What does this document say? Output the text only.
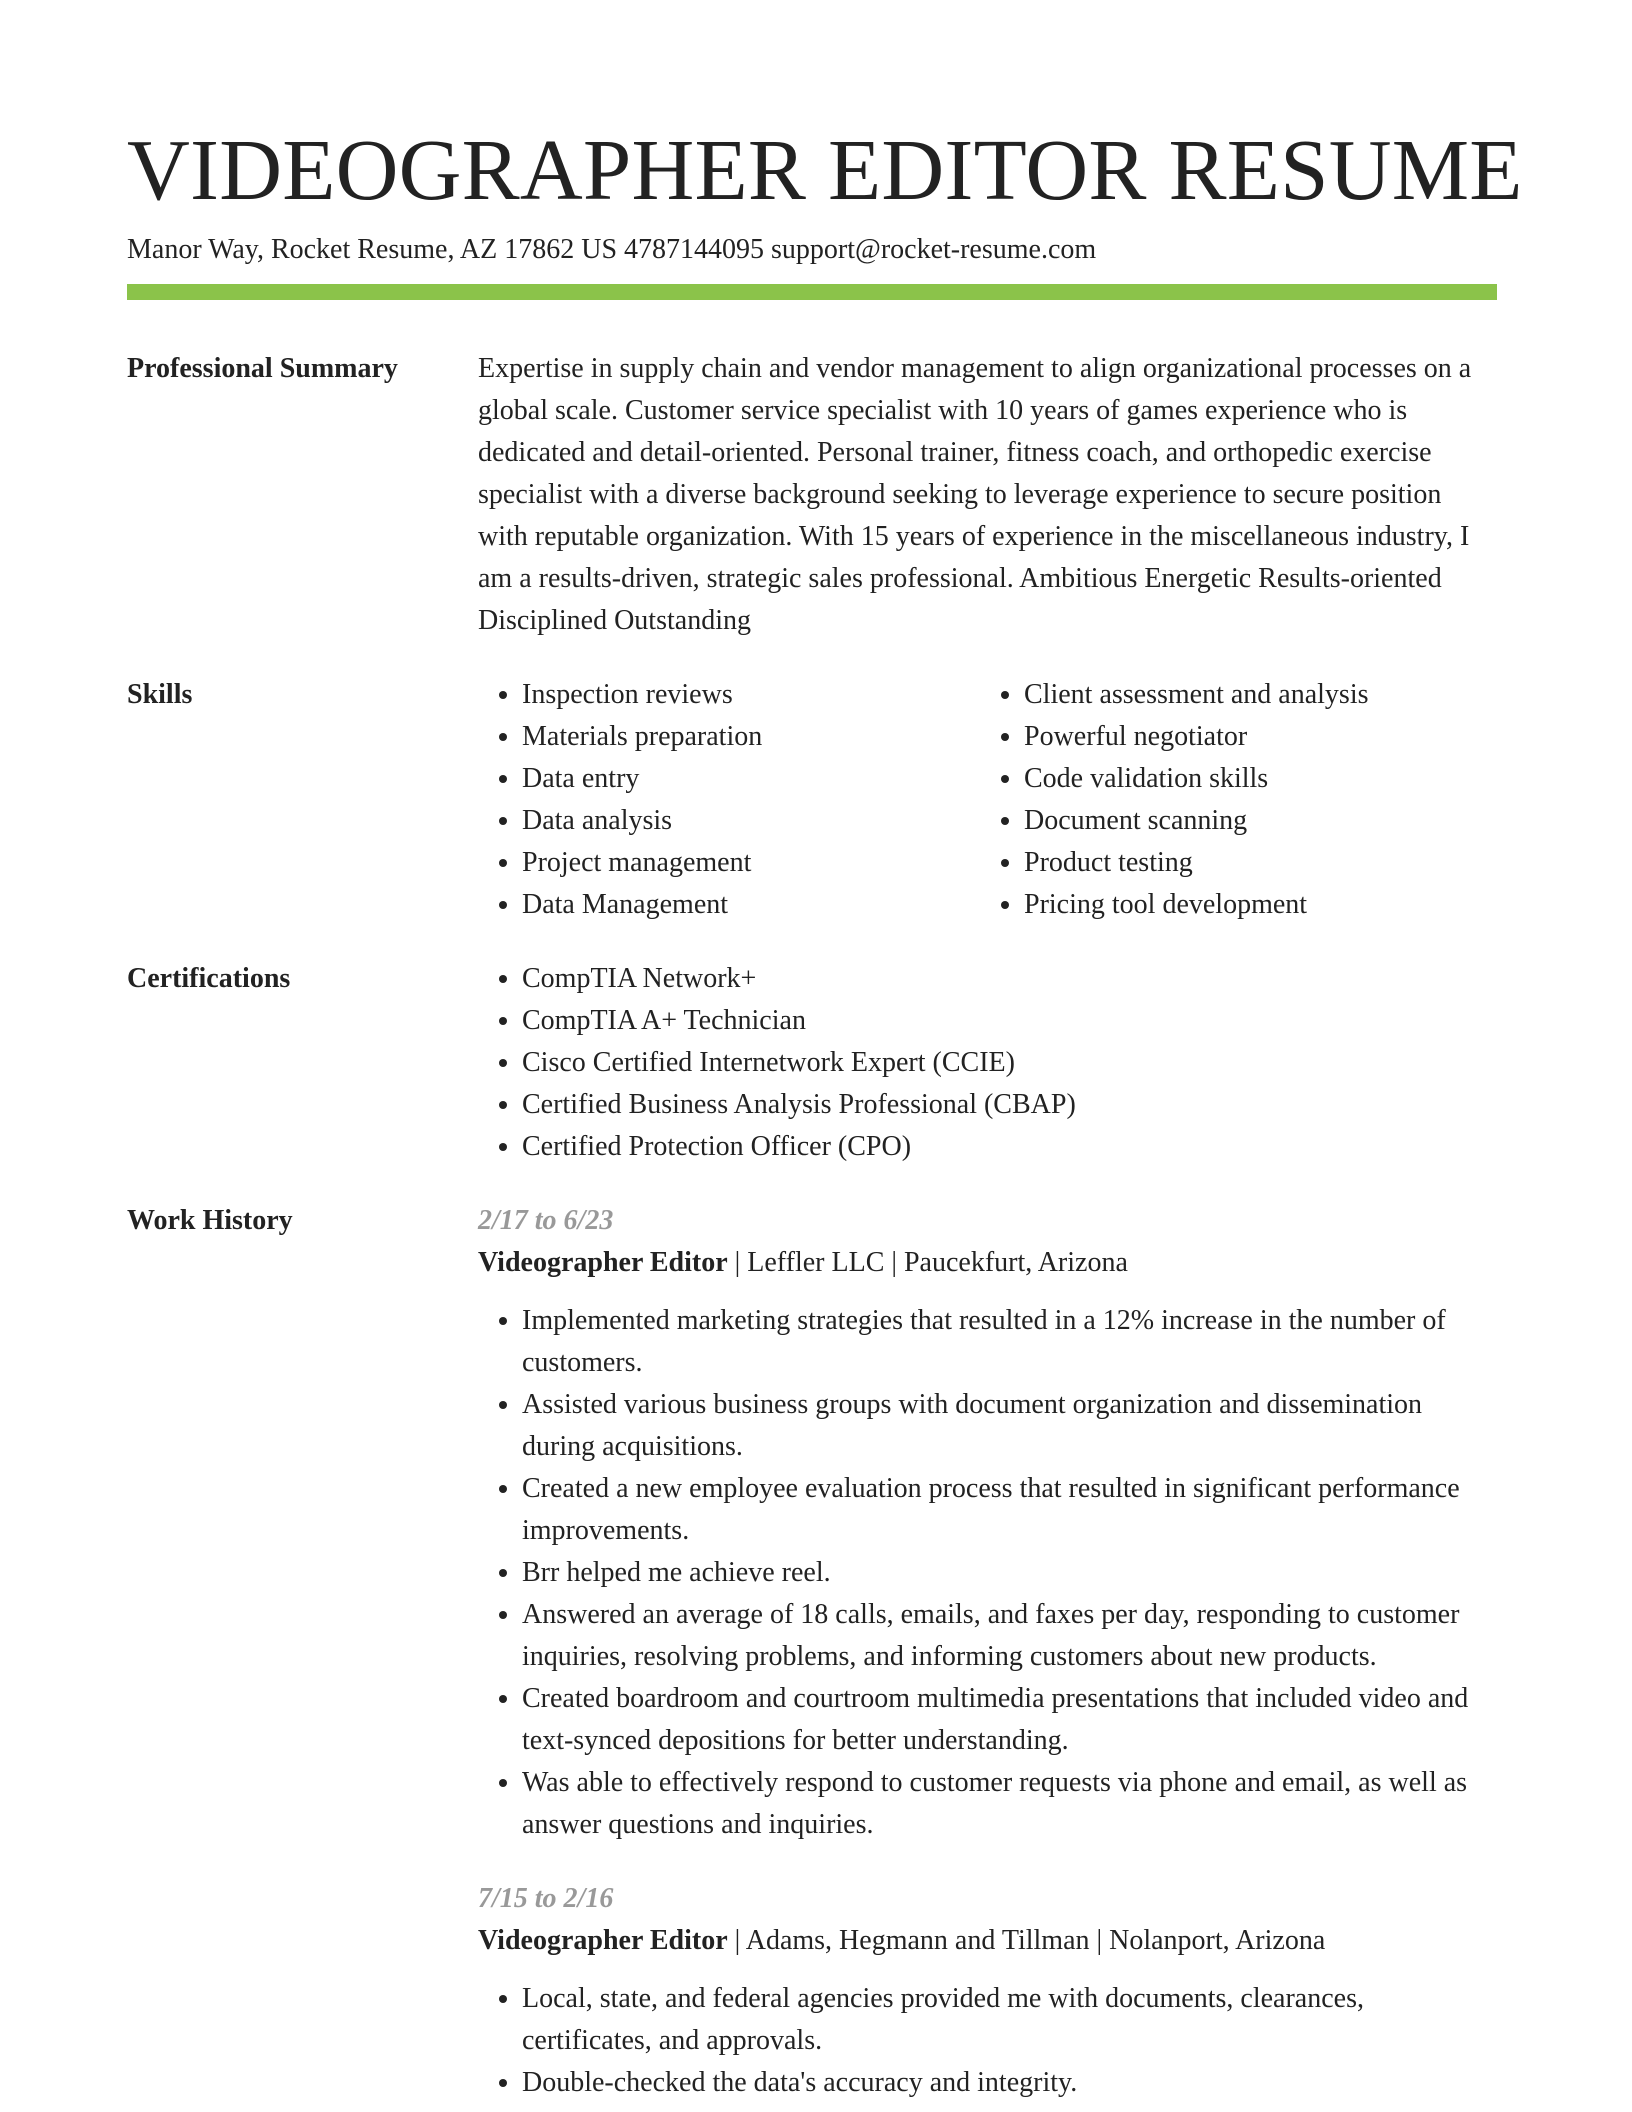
VIDEOGRAPHER EDITOR RESUME
Manor Way, Rocket Resume, AZ 17862 US 4787144095 support@rocket-resume.com
Professional Summary	Expertise in supply chain and vendor management to align organizational processes on a global scale. Customer service specialist with 10 years of games experience who is dedicated and detail-oriented. Personal trainer, fitness coach, and orthopedic exercise specialist with a diverse background seeking to leverage experience to secure position with reputable organization. With 15 years of experience in the miscellaneous industry, I am a results-driven, strategic sales professional. Ambitious Energetic Results-oriented Disciplined Outstanding

Skills	• Inspection reviews
• Materials preparation
• Data entry
• Data analysis
• Project management
• Data Management
• Client assessment and analysis
• Powerful negotiator
• Code validation skills
• Document scanning
• Product testing
• Pricing tool development
Certifications	• CompTIA Network+
• CompTIA A+ Technician
• Cisco Certified Internetwork Expert (CCIE)
• Certified Business Analysis Professional (CBAP)
• Certified Protection Officer (CPO)
Work History	2/17 to 6/23
Videographer Editor | Leffler LLC | Paucekfurt, Arizona
• Implemented marketing strategies that resulted in a 12% increase in the number of customers.
• Assisted various business groups with document organization and dissemination during acquisitions.
• Created a new employee evaluation process that resulted in significant performance improvements.
• Brr helped me achieve reel.
• Answered an average of 18 calls, emails, and faxes per day, responding to customer inquiries, resolving problems, and informing customers about new products.
• Created boardroom and courtroom multimedia presentations that included video and text-synced depositions for better understanding.
• Was able to effectively respond to customer requests via phone and email, as well as answer questions and inquiries.
7/15 to 2/16
Videographer Editor | Adams, Hegmann and Tillman | Nolanport, Arizona
• Local, state, and federal agencies provided me with documents, clearances, certificates, and approvals.
• Double-checked the data's accuracy and integrity.
